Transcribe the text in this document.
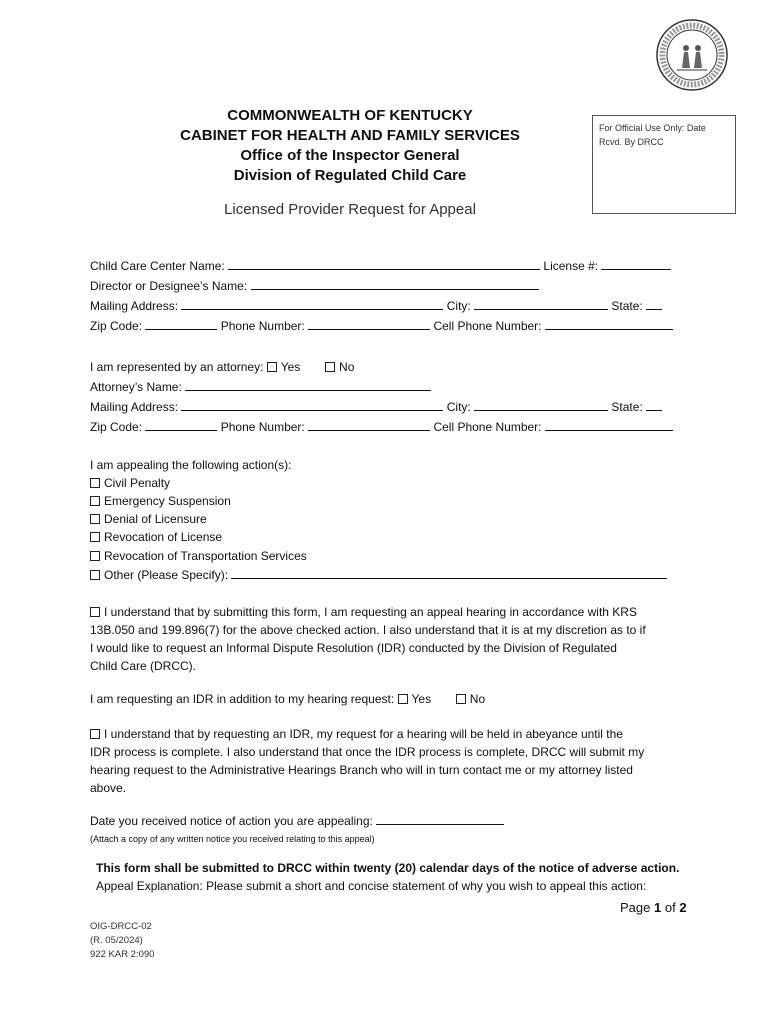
COMMONWEALTH OF KENTUCKY
CABINET FOR HEALTH AND FAMILY SERVICES
Office of the Inspector General
Division of Regulated Child Care
For Official Use Only: Date
Rcvd. By DRCC
Licensed Provider Request for Appeal
Child Care Center Name:	License #:
Director or Designee’s Name:
Mailing Address:	City:	State:
Zip Code:	Phone Number:	Cell Phone Number:
I am represented by an attorney: Yes	No
Attorney’s Name:
Mailing Address:	City:	State:
Zip Code:	Phone Number:	Cell Phone Number:
I am appealing the following action(s):
Civil Penalty
Emergency Suspension
Denial of Licensure
Revocation of License
Revocation of Transportation Services
Other (Please Specify):
I understand that by submitting this form, I am requesting an appeal hearing in accordance with KRS
13B.050 and 199.896(7) for the above checked action. I also understand that it is at my discretion as to if
I would like to request an Informal Dispute Resolution (IDR) conducted by the Division of Regulated
Child Care (DRCC).
I am requesting an IDR in addition to my hearing request: Yes	No
I understand that by requesting an IDR, my request for a hearing will be held in abeyance until the
IDR process is complete. I also understand that once the IDR process is complete, DRCC will submit my
hearing request to the Administrative Hearings Branch who will in turn contact me or my attorney listed
above.
Date you received notice of action you are appealing:
(Attach a copy of any written notice you received relating to this appeal)
This form shall be submitted to DRCC within twenty (20) calendar days of the notice of adverse action.
Appeal Explanation: Please submit a short and concise statement of why you wish to appeal this action:
Page 1 of 2
OIG-DRCC-02
(R. 05/2024)
922 KAR 2:090
